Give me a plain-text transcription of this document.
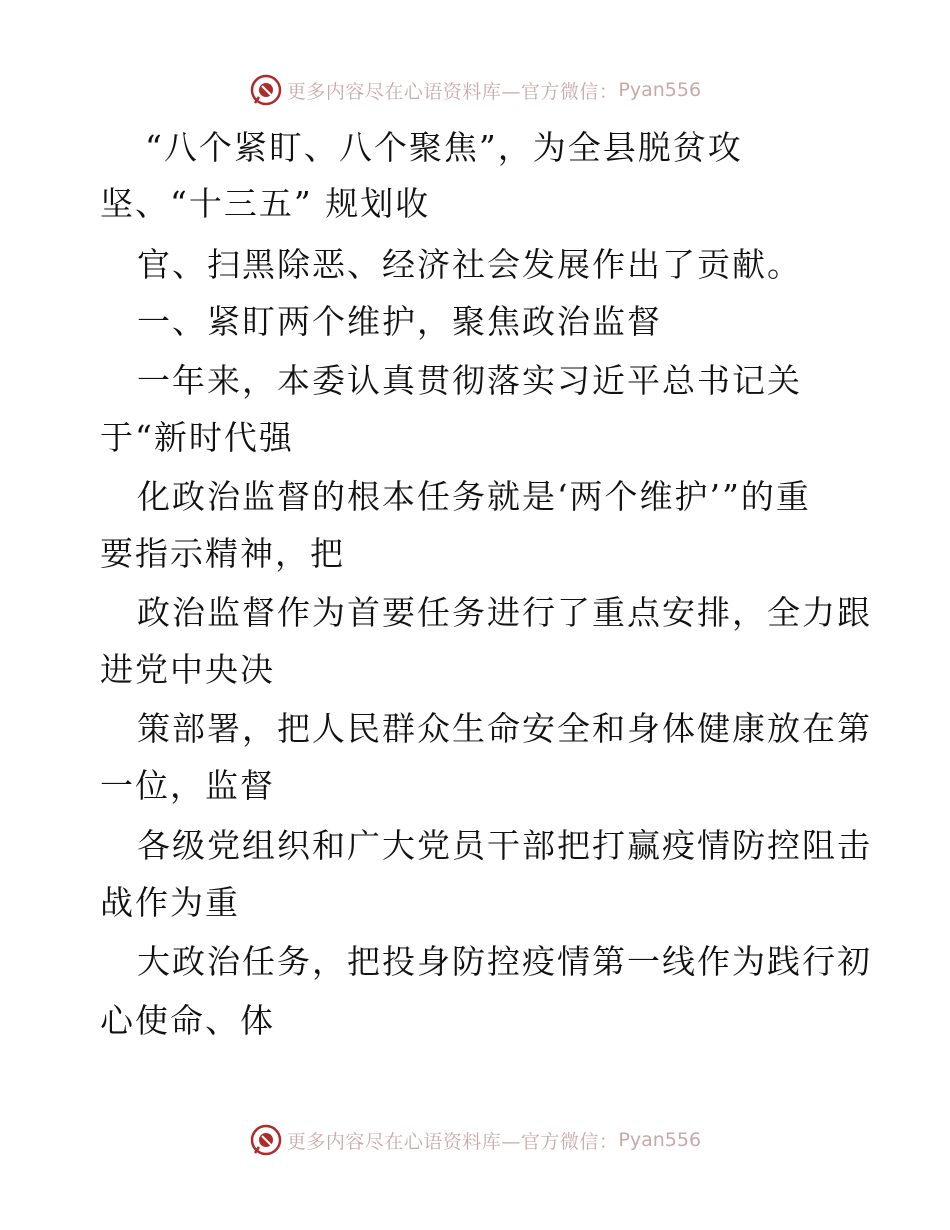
更多内容尽在心语资料库—官方微信： Pyan556
“八个紧盯、八个聚焦”，为全县脱贫攻
坚、“十三五” 规划收
官、扫黑除恶、经济社会发展作出了贡献。
一、紧盯两个维护，聚焦政治监督
一年来，本委认真贯彻落实习近平总书记关
于“新时代强
化政治监督的根本任务就是‘两个维护’”的重
要指示精神，把
政治监督作为首要任务进行了重点安排，全力跟
进党中央决
策部署，把人民群众生命安全和身体健康放在第
一位，监督
各级党组织和广大党员干部把打赢疫情防控阻击
战作为重
大政治任务，把投身防控疫情第一线作为践行初
心使命、体
更多内容尽在心语资料库—官方微信： Pyan556
